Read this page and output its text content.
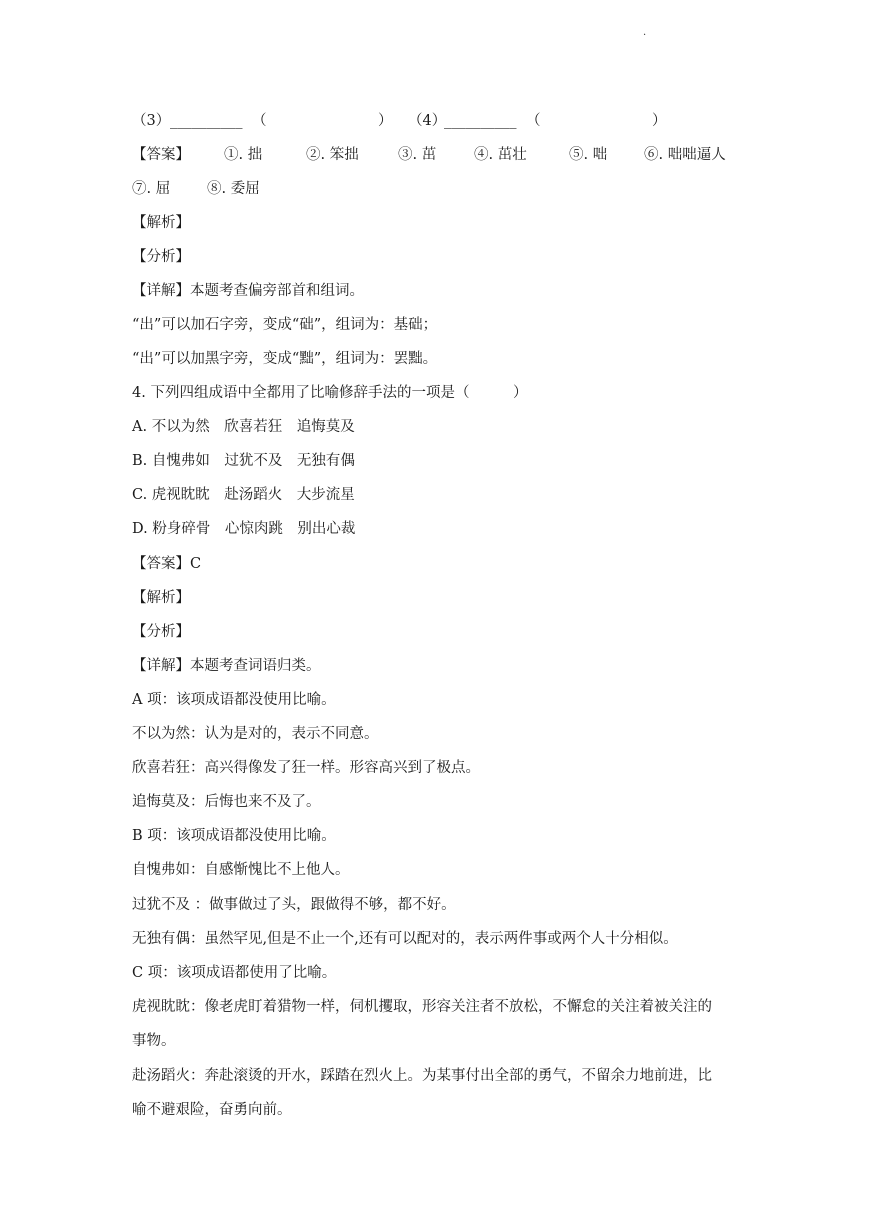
.
（3） __________ （	） （4）
__________ （	）
【答案】 ①. 拙	②. 笨拙	③. 茁	④. 茁壮	⑤. 咄	⑥. 咄咄逼人
⑦. 屈	⑧. 委屈
【解析】
【分析】
【详解】本题考查偏旁部首和组词。
“出”可以加石字旁，变成“础”，组词为：基础；
“出”可以加黑字旁，变成“黜”，组词为：罢黜。
4. 下列四组成语中全都用了比喻修辞手法的一项是（　　　）
A. 不以为然　欣喜若狂　追悔莫及
B. 自愧弗如　过犹不及　无独有偶
C. 虎视眈眈　赴汤蹈火　大步流星
D. 粉身碎骨　心惊肉跳　别出心裁
【答案】C
【解析】
【分析】
【详解】本题考查词语归类。
A 项：该项成语都没使用比喻。
不以为然：认为是对的，表示不同意。
欣喜若狂：高兴得像发了狂一样。形容高兴到了极点。
追悔莫及：后悔也来不及了。
B 项：该项成语都没使用比喻。
自愧弗如：自感惭愧比不上他人。
过犹不及 ：做事做过了头，跟做得不够，都不好。
无独有偶：虽然罕见,但是不止一个,还有可以配对的，表示两件事或两个人十分相似。
C 项：该项成语都使用了比喻。
虎视眈眈：像老虎盯着猎物一样，伺机攫取，形容关注者不放松，不懈怠的关注着被关注的
事物。
赴汤蹈火：奔赴滚烫的开水，踩踏在烈火上。为某事付出全部的勇气，不留余力地前进，比
喻不避艰险，奋勇向前。
